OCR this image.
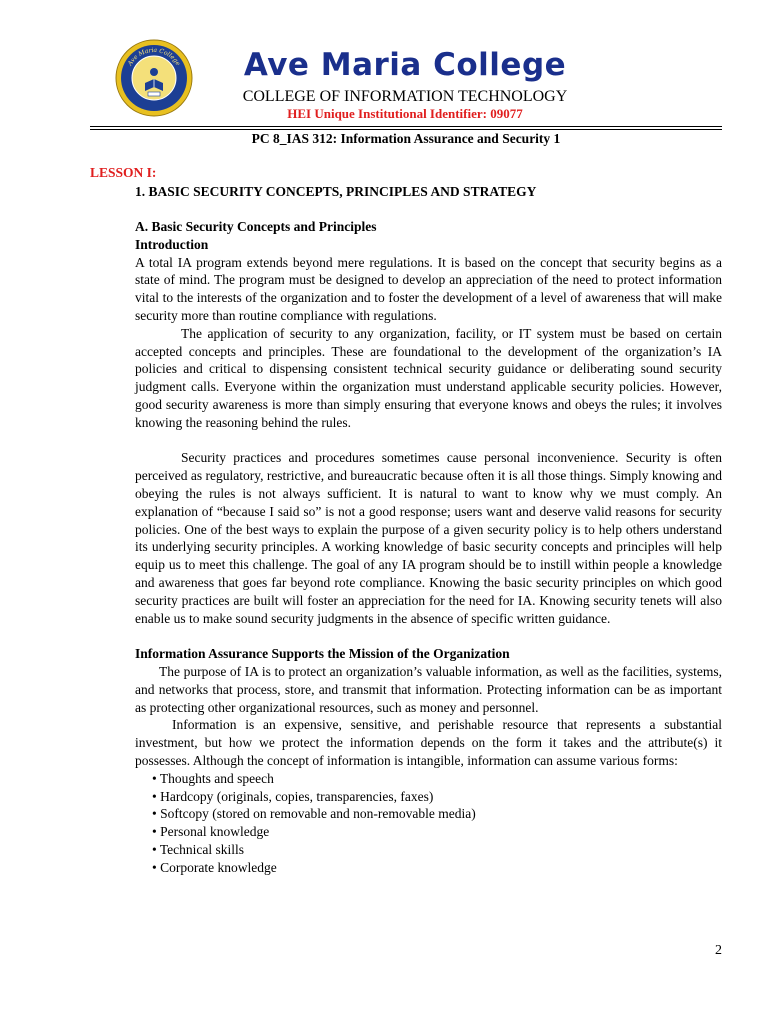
Ave Maria College	Ave Maria College
COLLEGE OF INFORMATION TECHNOLOGY
HEI Unique Institutional Identifier: 09077
PC 8_IAS 312: Information Assurance and Security 1
LESSON I:
1. BASIC SECURITY CONCEPTS, PRINCIPLES AND STRATEGY

A. Basic Security Concepts and Principles

Introduction

A total IA program extends beyond mere regulations. It is based on the concept that security begins as a state of mind. The program must be designed to develop an appreciation of the need to protect information vital to the interests of the organization and to foster the development of a level of awareness that will make security more than routine compliance with regulations.

The application of security to any organization, facility, or IT system must be based on certain accepted concepts and principles. These are foundational to the development of the organization’s IA policies and critical to dispensing consistent technical security guidance or deliberating sound security judgment calls. Everyone within the organization must understand applicable security policies. However, good security awareness is more than simply ensuring that everyone knows and obeys the rules; it involves knowing the reasoning behind the rules.

Security practices and procedures sometimes cause personal inconvenience. Security is often perceived as regulatory, restrictive, and bureaucratic because often it is all those things. Simply knowing and obeying the rules is not always sufficient. It is natural to want to know why we must comply. An explanation of “because I said so” is not a good response; users want and deserve valid reasons for security policies. One of the best ways to explain the purpose of a given security policy is to help others understand its underlying security principles. A working knowledge of basic security concepts and principles will help equip us to meet this challenge. The goal of any IA program should be to instill within people a knowledge and awareness that goes far beyond rote compliance. Knowing the basic security principles on which good security practices are built will foster an appreciation for the need for IA. Knowing security tenets will also enable us to make sound security judgments in the absence of specific written guidance.

Information Assurance Supports the Mission of the Organization

The purpose of IA is to protect an organization’s valuable information, as well as the facilities, systems, and networks that process, store, and transmit that information. Protecting information can be as important as protecting other organizational resources, such as money and personnel.

Information is an expensive, sensitive, and perishable resource that represents a substantial investment, but how we protect the information depends on the form it takes and the attribute(s) it possesses. Although the concept of information is intangible, information can assume various forms:

• Thoughts and speech
• Hardcopy (originals, copies, transparencies, faxes)
• Softcopy (stored on removable and non-removable media)
• Personal knowledge
• Technical skills
• Corporate knowledge
2
